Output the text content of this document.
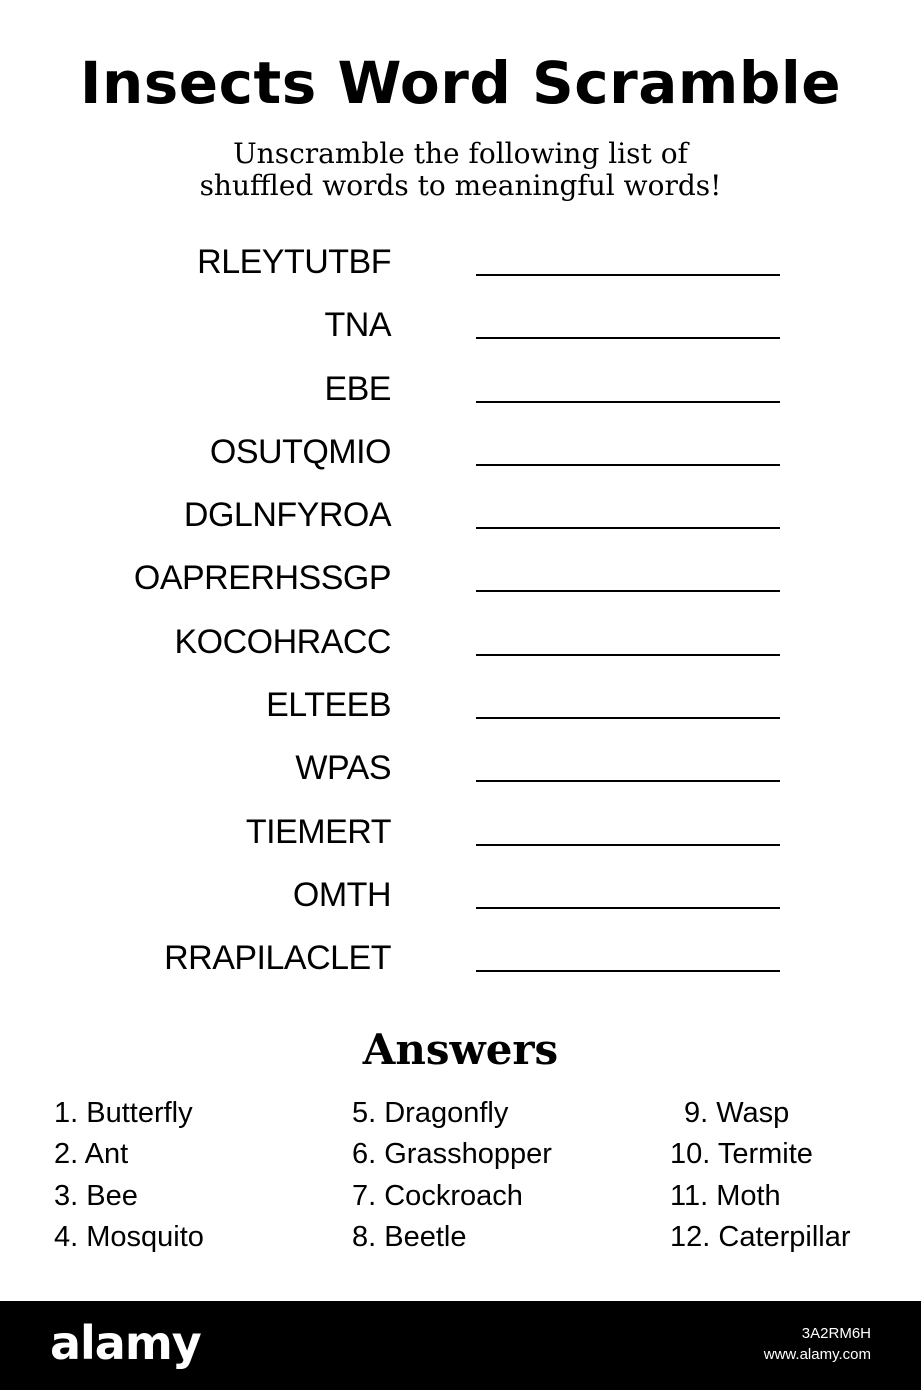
Insects Word Scramble
Unscramble the following list of
shuffled words to meaningful words!
RLEYTUTBF
TNA
EBE
OSUTQMIO
DGLNFYROA
OAPRERHSSGP
KOCOHRACC
ELTEEB
WPAS
TIEMERT
OMTH
RRAPILACLET
Answers
1. Butterfly
2. Ant
3. Bee
4. Mosquito
5. Dragonfly
6. Grasshopper
7. Cockroach
8. Beetle
9. Wasp
10. Termite
11. Moth
12. Caterpillar
alamy	3A2RM6H
www.alamy.com
